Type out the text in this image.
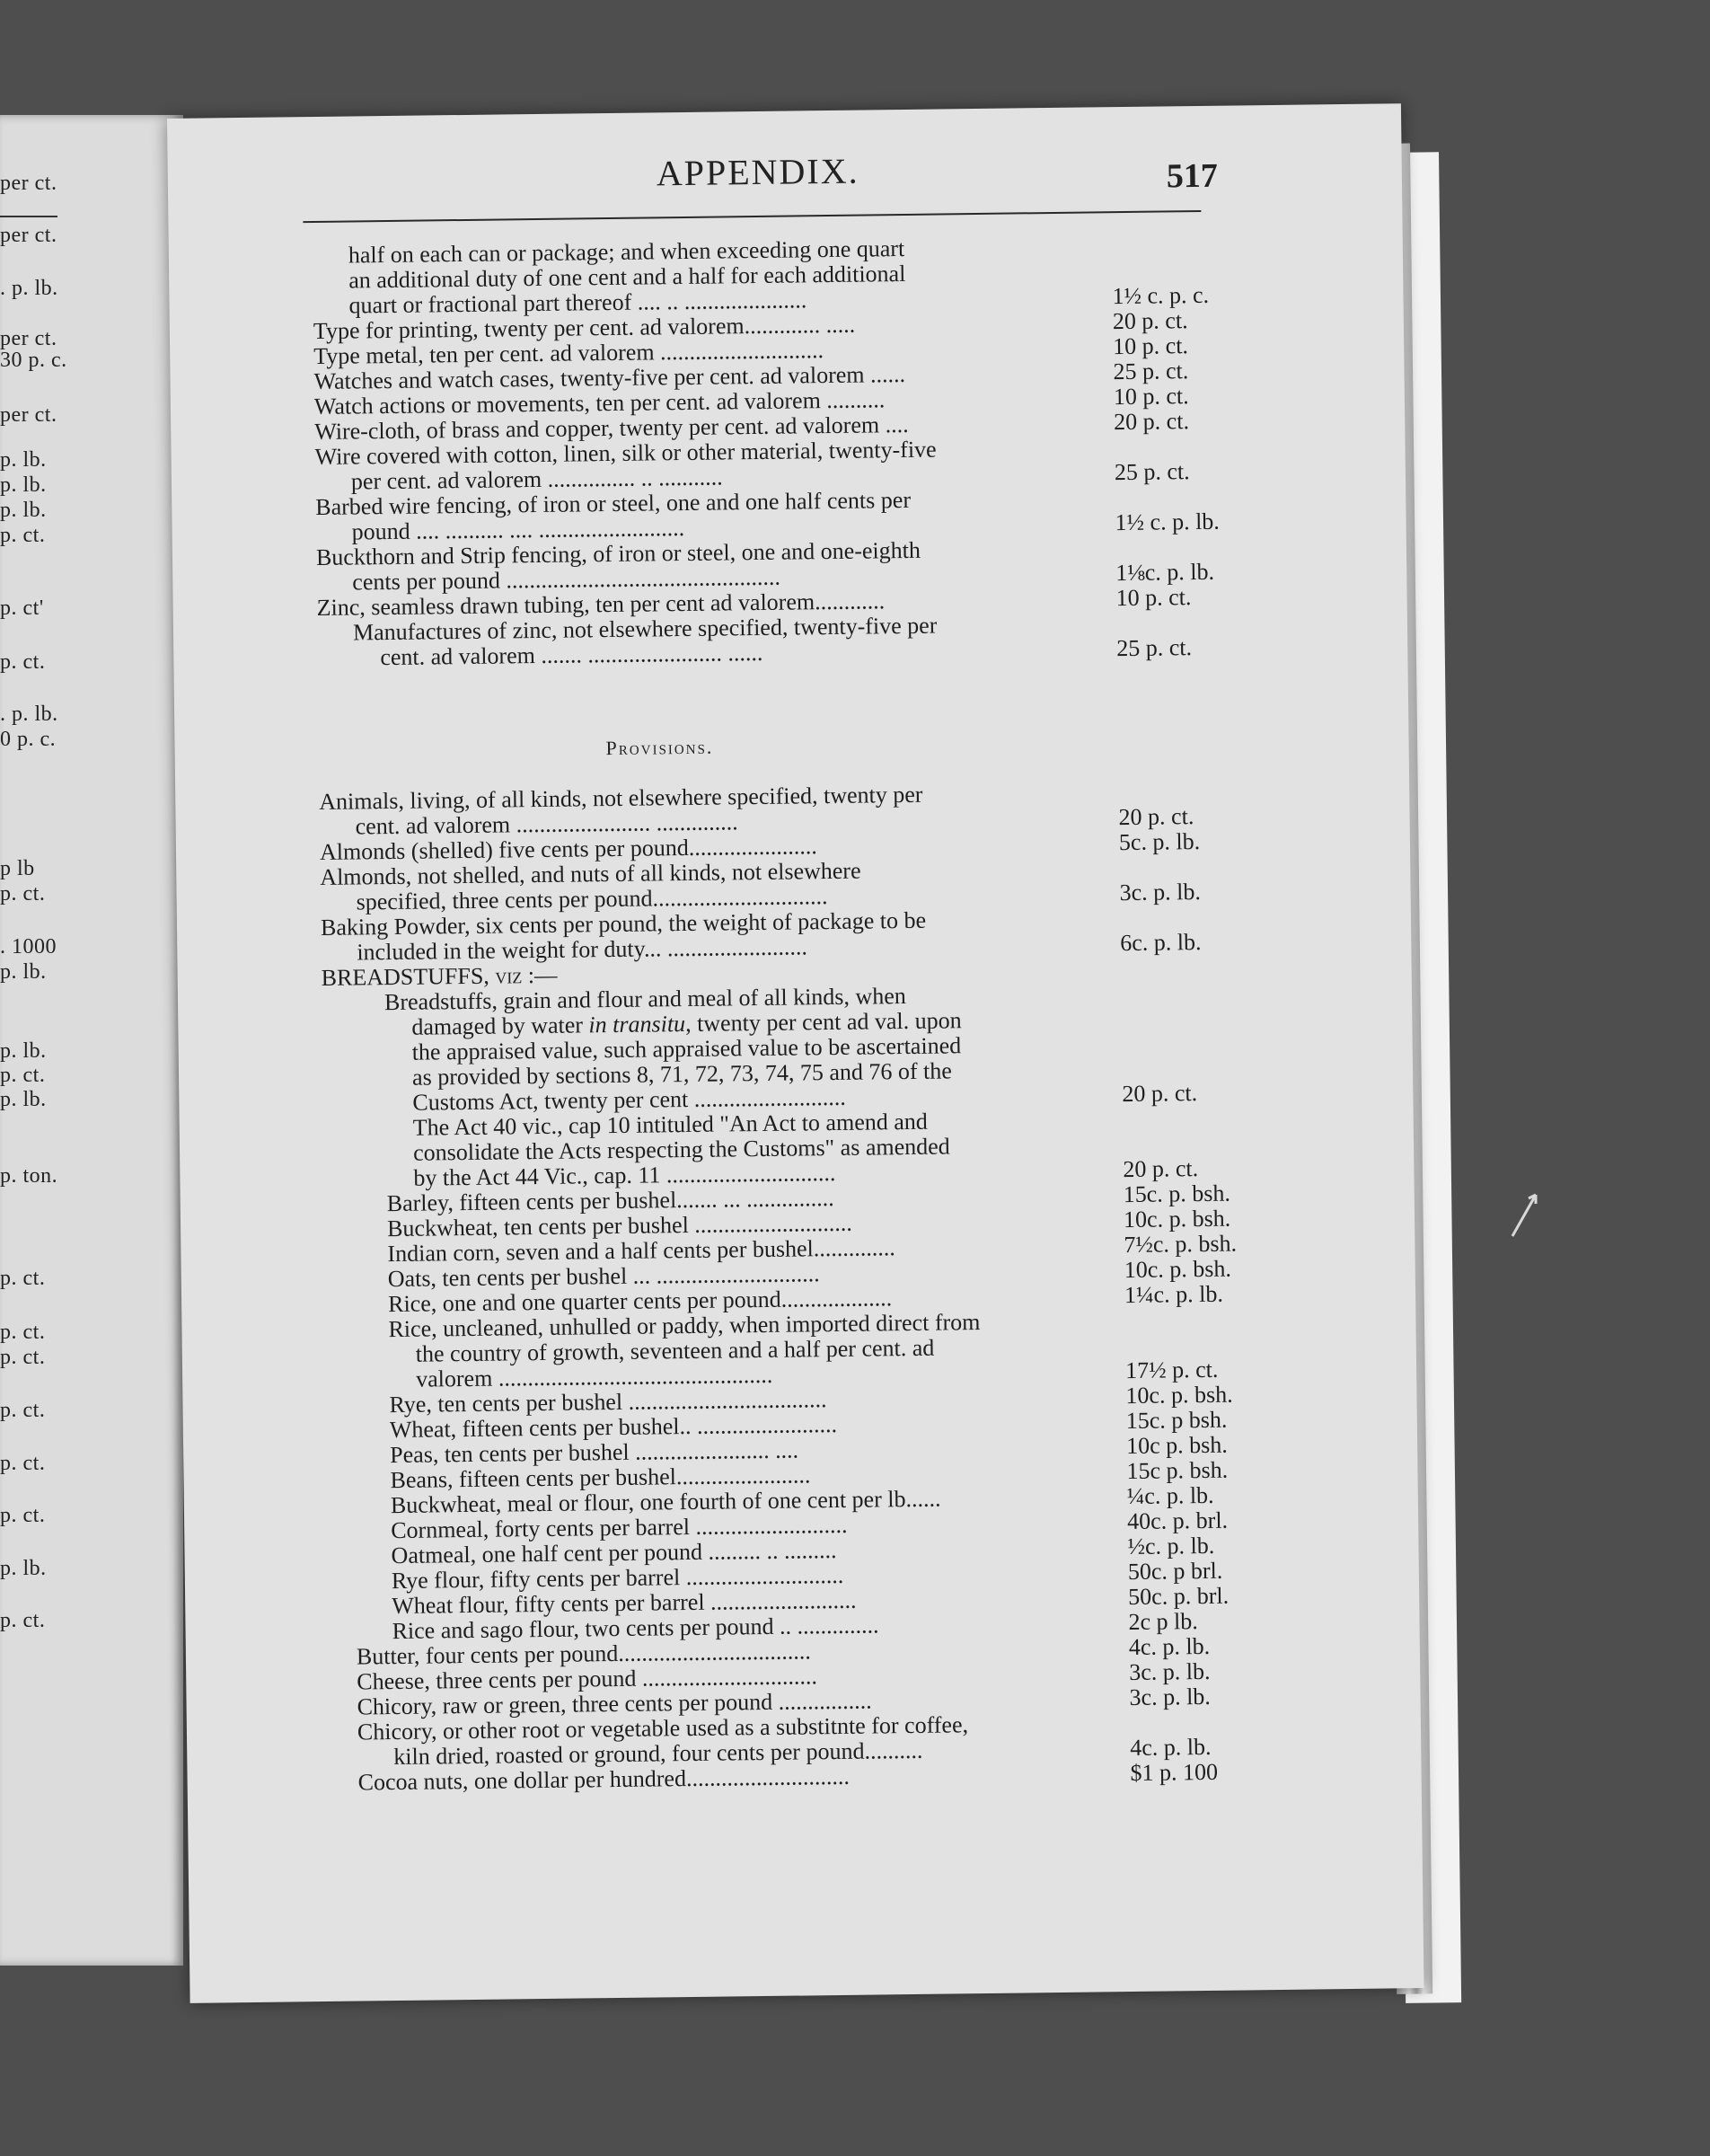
per ct.
per ct.
. p. lb.
per ct.
30 p. c.
per ct.
p. lb.
p. lb.
p. lb.
p. ct.
p. ct'
p. ct.
. p. lb.
0 p. c.
p lb
p. ct.
. 1000
p. lb.
p. lb.
p. ct.
p. lb.
p. ton.
p. ct.
p. ct.
p. ct.
p. ct.
p. ct.
p. ct.
p. lb.
p. ct.
APPENDIX.	517
Provisions.
half on each can or package; and when exceeding one quart
an additional duty of one cent and a half for each additional
quart or fractional part thereof .... .. .....................	1½ c. p. c.
Type for printing, twenty per cent. ad valorem............. .....	20 p. ct.
Type metal, ten per cent. ad valorem ............................	10 p. ct.
Watches and watch cases, twenty-five per cent. ad valorem ......	25 p. ct.
Watch actions or movements, ten per cent. ad valorem ..........	10 p. ct.
Wire-cloth, of brass and copper, twenty per cent. ad valorem ....	20 p. ct.
Wire covered with cotton, linen, silk or other material, twenty-five
per cent. ad valorem ............... .. ...........	25 p. ct.
Barbed wire fencing, of iron or steel, one and one half cents per
pound .... .......... .... .........................	1½ c. p. lb.
Buckthorn and Strip fencing, of iron or steel, one and one-eighth
cents per pound ...............................................	1⅛c. p. lb.
Zinc, seamless drawn tubing, ten per cent ad valorem............	10 p. ct.
Manufactures of zinc, not elsewhere specified, twenty-five per
cent. ad valorem ....... ....................... ......	25 p. ct.
Animals, living, of all kinds, not elsewhere specified, twenty per
cent. ad valorem ....................... ..............	20 p. ct.
Almonds (shelled) five cents per pound......................	5c. p. lb.
Almonds, not shelled, and nuts of all kinds, not elsewhere
specified, three cents per pound..............................	3c. p. lb.
Baking Powder, six cents per pound, the weight of package to be
included in the weight for duty... ........................	6c. p. lb.
BREADSTUFFS, viz :—
Breadstuffs, grain and flour and meal of all kinds, when
damaged by water in transitu, twenty per cent ad val. upon
the appraised value, such appraised value to be ascertained
as provided by sections 8, 71, 72, 73, 74, 75 and 76 of the
Customs Act, twenty per cent ..........................	20 p. ct.
The Act 40 vic., cap 10 intituled "An Act to amend and
consolidate the Acts respecting the Customs" as amended
by the Act 44 Vic., cap. 11 .............................	20 p. ct.
Barley, fifteen cents per bushel....... ... ...............	15c. p. bsh.
Buckwheat, ten cents per bushel ...........................	10c. p. bsh.
Indian corn, seven and a half cents per bushel..............	7½c. p. bsh.
Oats, ten cents per bushel ... ............................	10c. p. bsh.
Rice, one and one quarter cents per pound...................	1¼c. p. lb.
Rice, uncleaned, unhulled or paddy, when imported direct from
the country of growth, seventeen and a half per cent. ad
valorem ...............................................	17½ p. ct.
Rye, ten cents per bushel ..................................	10c. p. bsh.
Wheat, fifteen cents per bushel.. ........................	15c. p bsh.
Peas, ten cents per bushel ....................... ....	10c p. bsh.
Beans, fifteen cents per bushel.......................	15c p. bsh.
Buckwheat, meal or flour, one fourth of one cent per lb......	¼c. p. lb.
Cornmeal, forty cents per barrel ..........................	40c. p. brl.
Oatmeal, one half cent per pound ......... .. .........	½c. p. lb.
Rye flour, fifty cents per barrel ...........................	50c. p brl.
Wheat flour, fifty cents per barrel .........................	50c. p. brl.
Rice and sago flour, two cents per pound .. ..............	2c p lb.
Butter, four cents per pound.................................	4c. p. lb.
Cheese, three cents per pound ..............................	3c. p. lb.
Chicory, raw or green, three cents per pound ................	3c. p. lb.
Chicory, or other root or vegetable used as a substitnte for coffee,
kiln dried, roasted or ground, four cents per pound..........	4c. p. lb.
Cocoa nuts, one dollar per hundred............................	$1 p. 100
